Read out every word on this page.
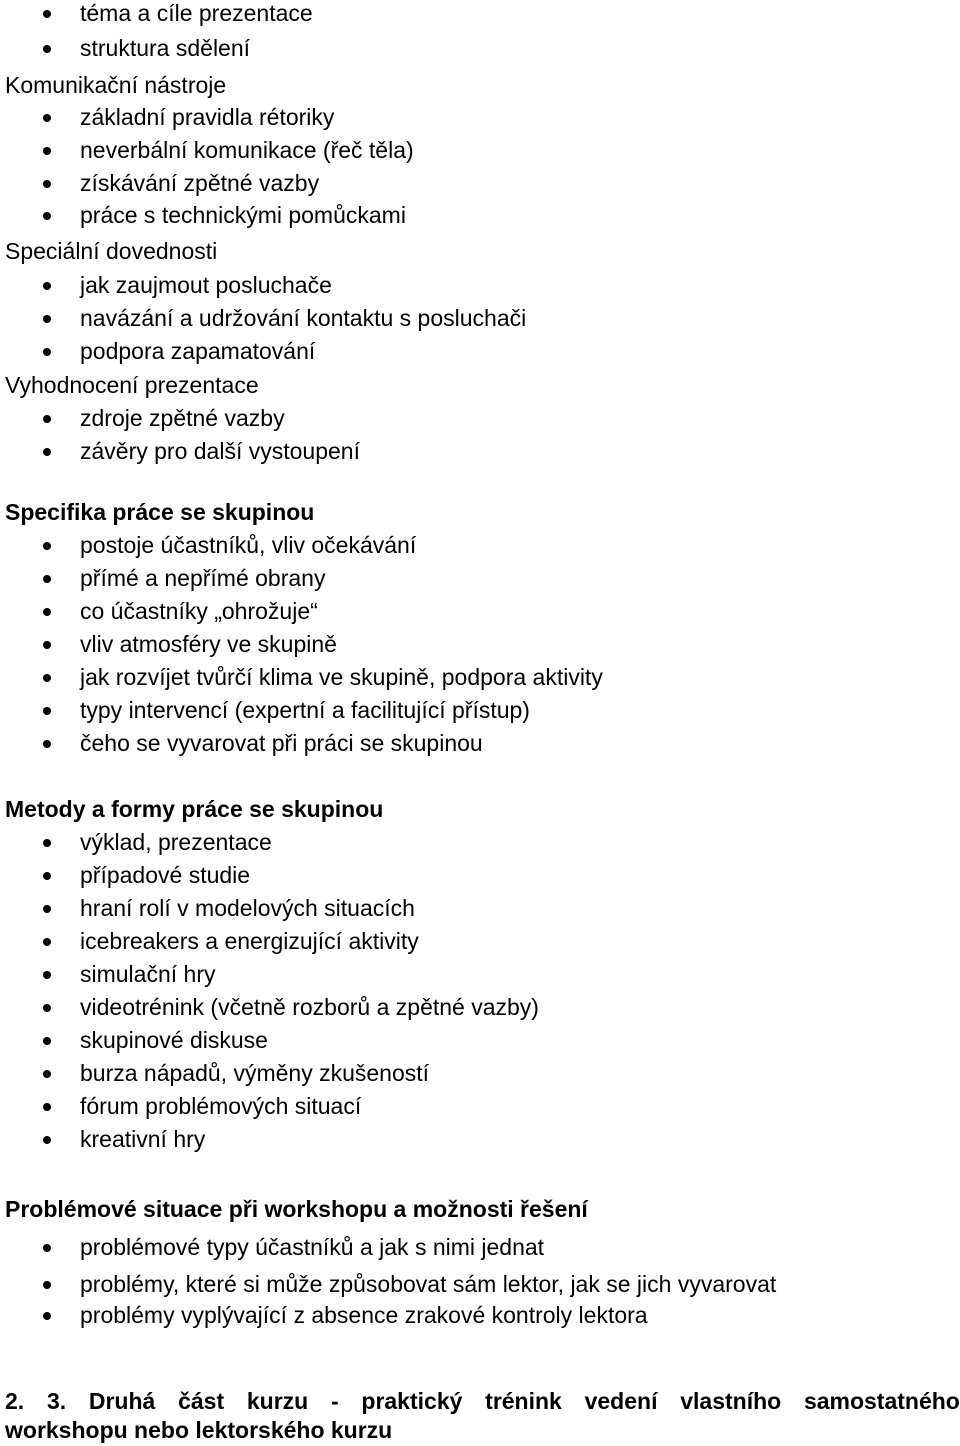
téma a cíle prezentace
struktura sdělení
Komunikační nástroje
základní pravidla rétoriky
neverbální komunikace (řeč těla)
získávání zpětné vazby
práce s technickými pomůckami
Speciální dovednosti
jak zaujmout posluchače
navázání a udržování kontaktu s posluchači
podpora zapamatování
Vyhodnocení prezentace
zdroje zpětné vazby
závěry pro další vystoupení
Specifika práce se skupinou
postoje účastníků, vliv očekávání
přímé a nepřímé obrany
co účastníky „ohrožuje“
vliv atmosféry ve skupině
jak rozvíjet tvůrčí klima ve skupině, podpora aktivity
typy intervencí (expertní a facilitující přístup)
čeho se vyvarovat při práci se skupinou
Metody a formy práce se skupinou
výklad, prezentace
případové studie
hraní rolí v modelových situacích
icebreakers a energizující aktivity
simulační hry
videotrénink (včetně rozborů a zpětné vazby)
skupinové diskuse
burza nápadů, výměny zkušeností
fórum problémových situací
kreativní hry
Problémové situace při workshopu a možnosti řešení
problémové typy účastníků a jak s nimi jednat
problémy, které si může způsobovat sám lektor, jak se jich vyvarovat
problémy vyplývající z absence zrakové kontroly lektora
2. 3. Druhá část kurzu - praktický trénink vedení vlastního samostatného
workshopu nebo lektorského kurzu
